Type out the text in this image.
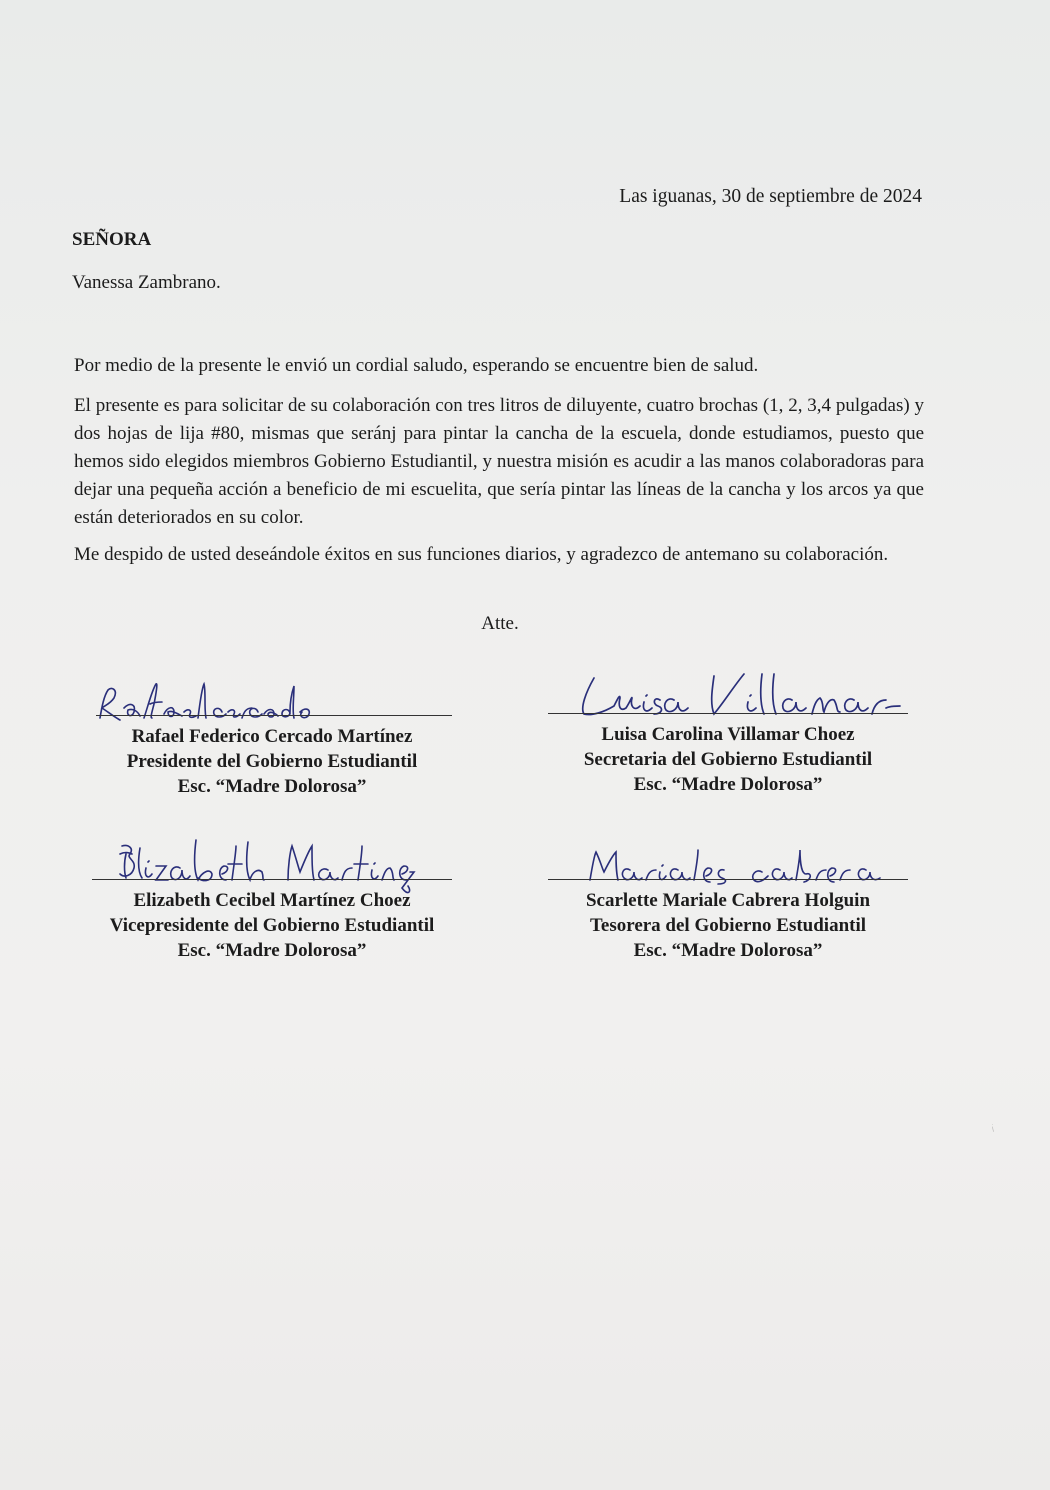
Las iguanas, 30 de septiembre de 2024
SEÑORA
Vanessa Zambrano.
Por medio de la presente le envió un cordial saludo, esperando se encuentre bien de salud.
El presente es para solicitar de su colaboración con tres litros de diluyente, cuatro brochas (1, 2, 3,4 pulgadas) y dos hojas de lija #80, mismas que seránj para pintar la cancha de la escuela, donde estudiamos, puesto que hemos sido elegidos miembros Gobierno Estudiantil, y nuestra misión es acudir a las manos colaboradoras para dejar una pequeña acción a beneficio de mi escuelita, que sería pintar las líneas de la cancha y los arcos ya que están deteriorados en su color.
Me despido de usted deseándole éxitos en sus funciones diarios, y agradezco de antemano su colaboración.
Atte.
Rafael Federico Cercado Martínez
Presidente del Gobierno Estudiantil
Esc. “Madre Dolorosa”
Luisa Carolina Villamar Choez
Secretaria del Gobierno Estudiantil
Esc. “Madre Dolorosa”
Elizabeth Cecibel Martínez Choez
Vicepresidente del Gobierno Estudiantil
Esc. “Madre Dolorosa”
Scarlette Mariale Cabrera Holguin
Tesorera del Gobierno Estudiantil
Esc. “Madre Dolorosa”
